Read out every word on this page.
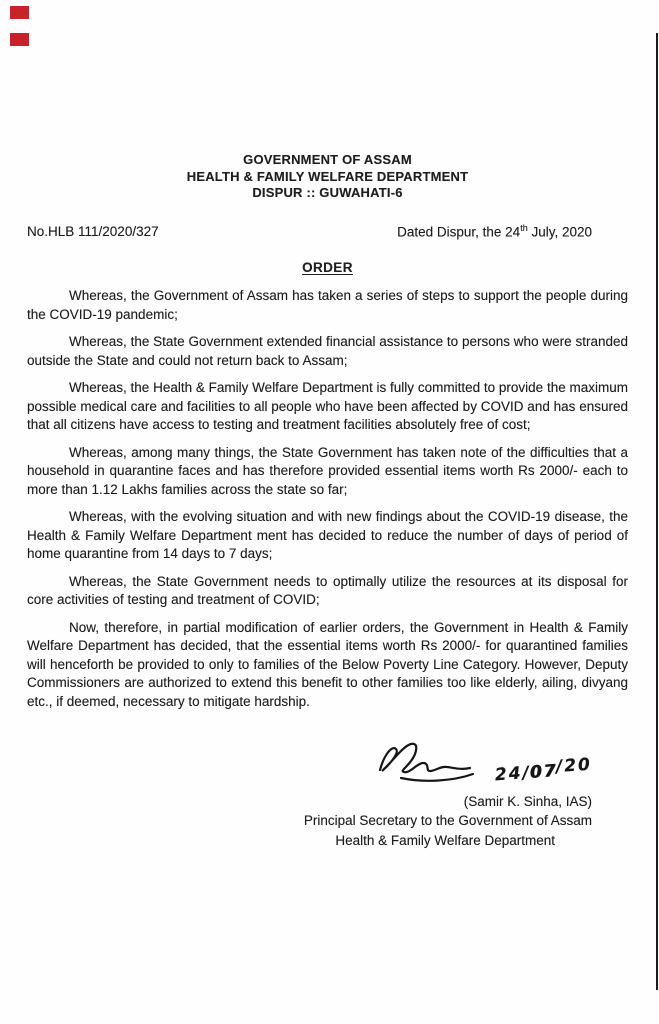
GOVERNMENT OF ASSAM
HEALTH & FAMILY WELFARE DEPARTMENT
DISPUR :: GUWAHATI-6
No.HLB 111/2020/327	Dated Dispur, the 24th July, 2020
ORDER

Whereas, the Government of Assam has taken a series of steps to support the people during the COVID-19 pandemic;

Whereas, the State Government extended financial assistance to persons who were stranded outside the State and could not return back to Assam;

Whereas, the Health & Family Welfare Department is fully committed to provide the maximum possible medical care and facilities to all people who have been affected by COVID and has ensured that all citizens have access to testing and treatment facilities absolutely free of cost;

Whereas, among many things, the State Government has taken note of the difficulties that a household in quarantine faces and has therefore provided essential items worth Rs 2000/- each to more than 1.12 Lakhs families across the state so far;

Whereas, with the evolving situation and with new findings about the COVID-19 disease, the Health & Family Welfare Department ment has decided to reduce the number of days of period of home quarantine from 14 days to 7 days;

Whereas, the State Government needs to optimally utilize the resources at its disposal for core activities of testing and treatment of COVID;

Now, therefore, in partial modification of earlier orders, the Government in Health & Family Welfare Department has decided, that the essential items worth Rs 2000/- for quarantined families will henceforth be provided to only to families of the Below Poverty Line Category. However, Deputy Commissioners are authorized to extend this benefit to other families too like elderly, ailing, divyang etc., if deemed, necessary to mitigate hardship.

24/07/20
(Samir K. Sinha, IAS)
Principal Secretary to the Government of Assam
Health & Family Welfare Department
